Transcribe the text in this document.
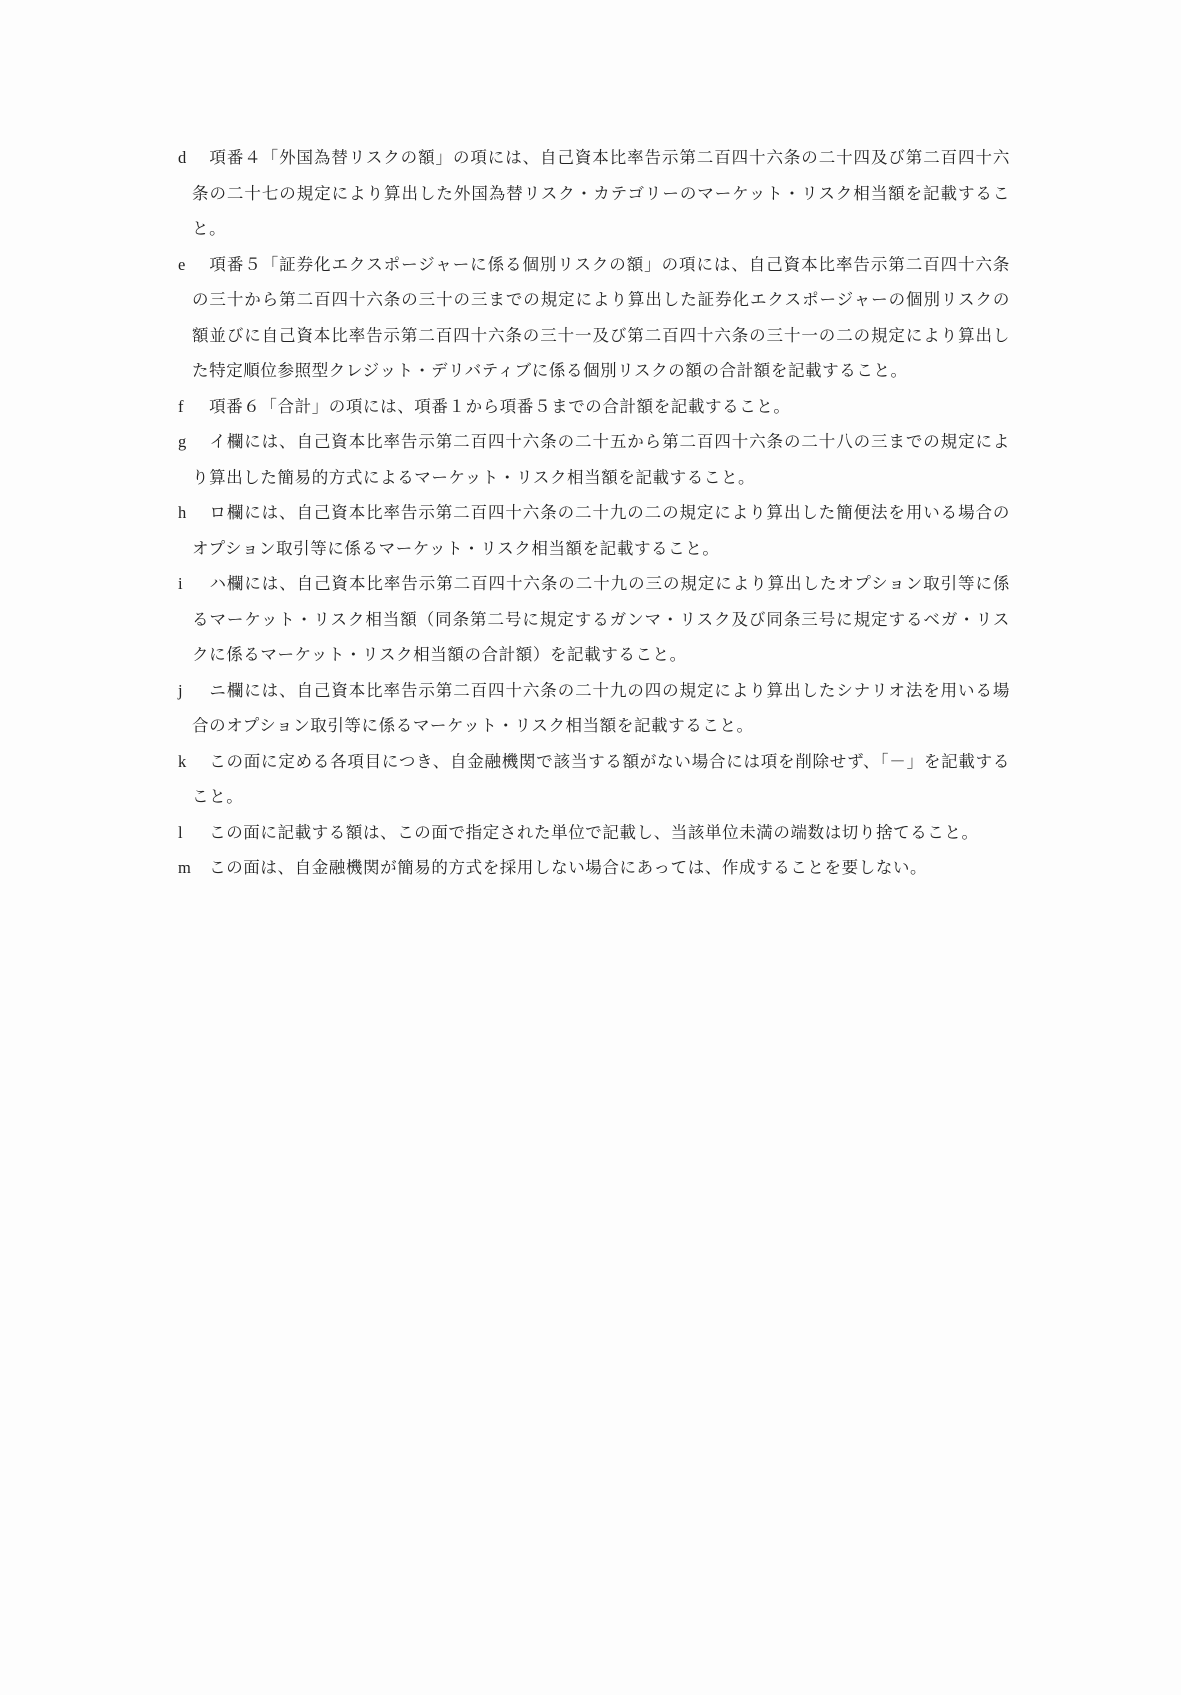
d 　項番４「外国為替リスクの額」の項には、自己資本比率告示第二百四十六条の二十四及び第二百四十六条の二十七の規定により算出した外国為替リスク・カテゴリーのマーケット・リスク相当額を記載すること。
e 　項番５「証券化エクスポージャーに係る個別リスクの額」の項には、自己資本比率告示第二百四十六条の三十から第二百四十六条の三十の三までの規定により算出した証券化エクスポージャーの個別リスクの額並びに自己資本比率告示第二百四十六条の三十一及び第二百四十六条の三十一の二の規定により算出した特定順位参照型クレジット・デリバティブに係る個別リスクの額の合計額を記載すること。
f 　項番６「合計」の項には、項番１から項番５までの合計額を記載すること。
g 　イ欄には、自己資本比率告示第二百四十六条の二十五から第二百四十六条の二十八の三までの規定により算出した簡易的方式によるマーケット・リスク相当額を記載すること。
h 　ロ欄には、自己資本比率告示第二百四十六条の二十九の二の規定により算出した簡便法を用いる場合のオプション取引等に係るマーケット・リスク相当額を記載すること。
i 　ハ欄には、自己資本比率告示第二百四十六条の二十九の三の規定により算出したオプション取引等に係るマーケット・リスク相当額（同条第二号に規定するガンマ・リスク及び同条三号に規定するベガ・リスクに係るマーケット・リスク相当額の合計額）を記載すること。
j 　ニ欄には、自己資本比率告示第二百四十六条の二十九の四の規定により算出したシナリオ法を用いる場合のオプション取引等に係るマーケット・リスク相当額を記載すること。
k 　この面に定める各項目につき、自金融機関で該当する額がない場合には項を削除せず、「－」を記載すること。
l 　この面に記載する額は、この面で指定された単位で記載し、当該単位未満の端数は切り捨てること。
m 　この面は、自金融機関が簡易的方式を採用しない場合にあっては、作成することを要しない。
